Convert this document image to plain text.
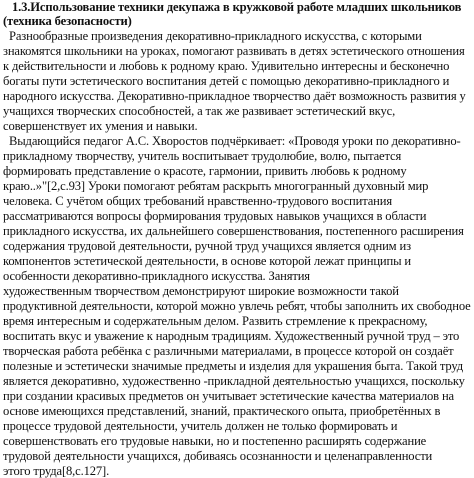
1.3.Использование техники декупажа в кружковой работе младших школьников
(техника безопасности)
Разнообразные произведения декоративно-прикладного искусства, с которыми
знакомятся школьники на уроках, помогают развивать в детях эстетического отношения
к действительности и любовь к родному краю. Удивительно интересны и бесконечно
богаты пути эстетического воспитания детей с помощью декоративно-прикладного и
народного искусства. Декоративно-прикладное творчество даёт возможность развития у
учащихся творческих способностей, а так же развивает эстетический вкус,
совершенствует их умения и навыки.
Выдающийся педагог А.С. Хворостов подчёркивает: «Проводя уроки по декоративно-
прикладному творчеству, учитель воспитывает трудолюбие, волю, пытается
формировать представление о красоте, гармонии, привить любовь к родному
краю..»"[2,с.93] Уроки помогают ребятам раскрыть многогранный духовный мир
человека. С учётом общих требований нравственно-трудового воспитания
рассматриваются вопросы формирования трудовых навыков учащихся в области
прикладного искусства, их дальнейшего совершенствования, постепенного расширения
содержания трудовой деятельности, ручной труд учащихся является одним из
компонентов эстетической деятельности, в основе которой лежат принципы и
особенности декоративно-прикладного искусства. Занятия
художественным творчеством демонстрируют широкие возможности такой
продуктивной деятельности, которой можно увлечь ребят, чтобы заполнить их свободное
время интересным и содержательным делом. Развить стремление к прекрасному,
воспитать вкус и уважение к народным традициям. Художественный ручной труд – это
творческая работа ребёнка с различными материалами, в процессе которой он создаёт
полезные и эстетически значимые предметы и изделия для украшения быта. Такой труд
является декоративно, художественно -прикладной деятельностью учащихся, поскольку
при создании красивых предметов он учитывает эстетические качества материалов на
основе имеющихся представлений, знаний, практического опыта, приобретённых в
процессе трудовой деятельности, учитель должен не только формировать и
совершенствовать его трудовые навыки, но и постепенно расширять содержание
трудовой деятельности учащихся, добиваясь осознанности и целенаправленности
этого труда[8,с.127].
